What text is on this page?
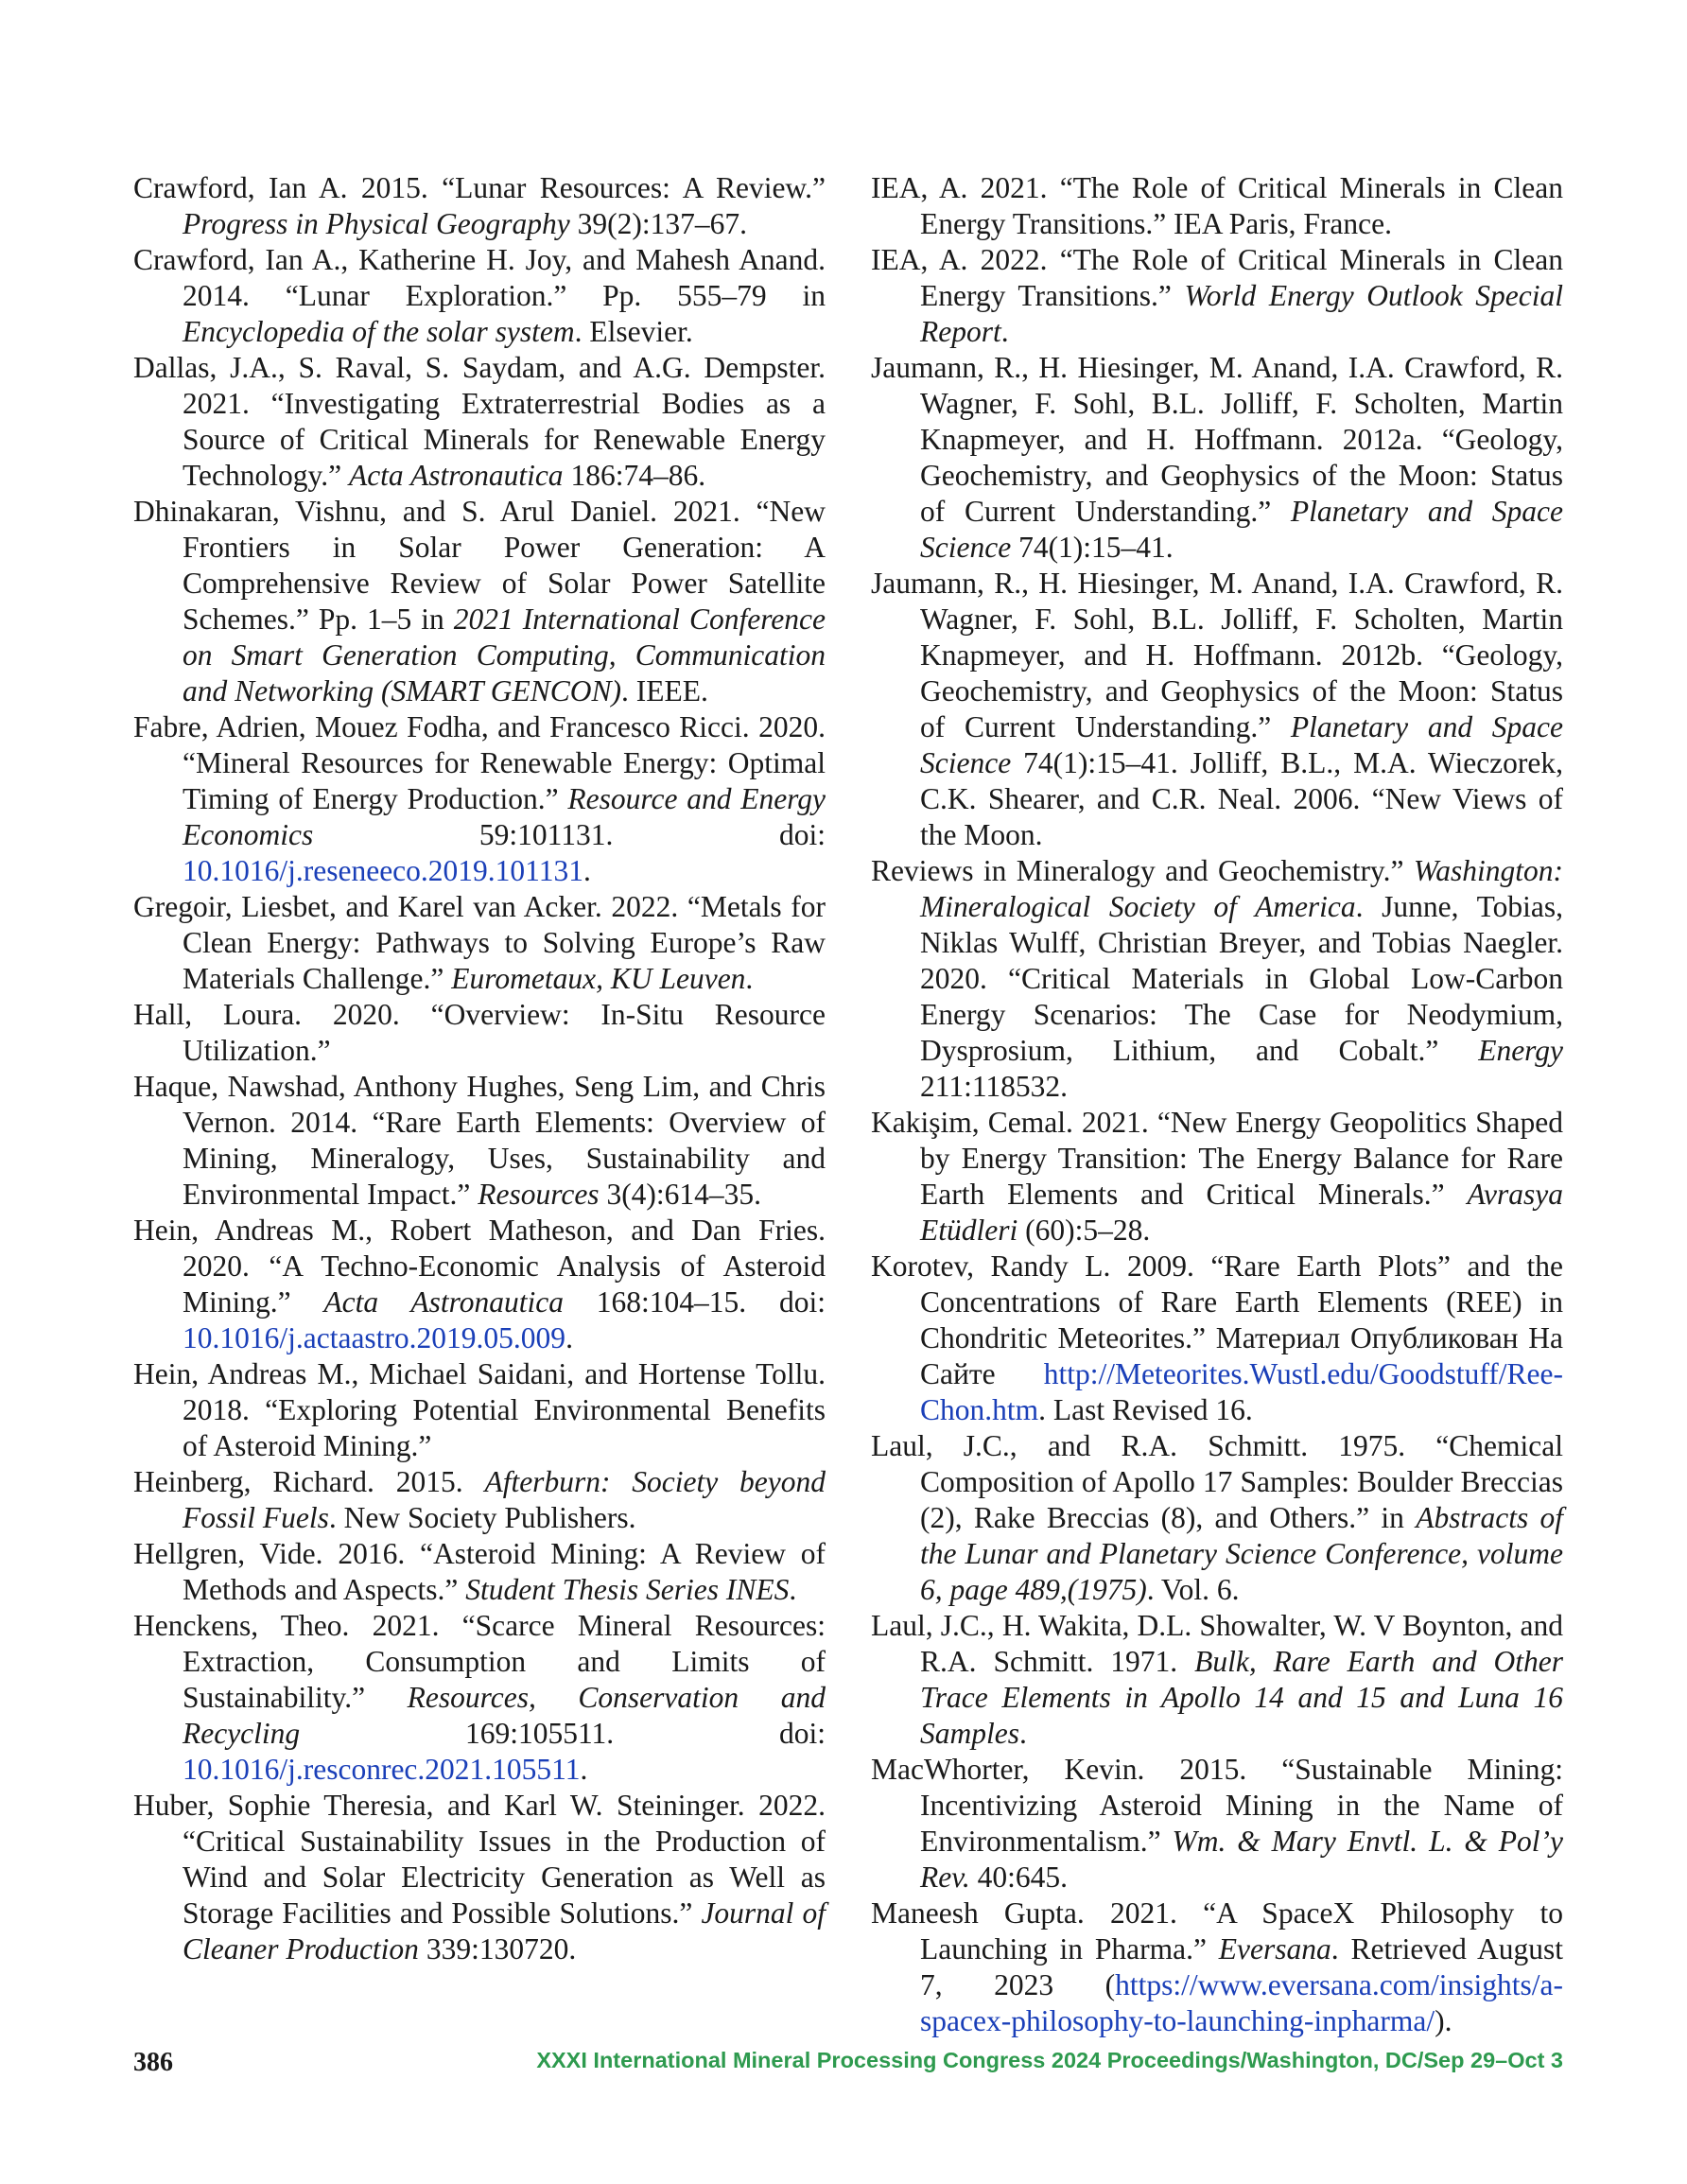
Crawford, Ian A. 2015. “Lunar Resources: A Review.” Progress in Physical Geography 39(2):137–67.

Crawford, Ian A., Katherine H. Joy, and Mahesh Anand. 2014. “Lunar Exploration.” Pp. 555–79 in Encyclopedia of the solar system. Elsevier.

Dallas, J.A., S. Raval, S. Saydam, and A.G. Dempster. 2021. “Investigating Extraterrestrial Bodies as a Source of Critical Minerals for Renewable Energy Technology.” Acta Astronautica 186:74–86.

Dhinakaran, Vishnu, and S. Arul Daniel. 2021. “New Frontiers in Solar Power Generation: A Comprehensive Review of Solar Power Satellite Schemes.” Pp. 1–5 in 2021 International Conference on Smart Generation Computing, Communication and Networking (SMART GENCON). IEEE.

Fabre, Adrien, Mouez Fodha, and Francesco Ricci. 2020. “Mineral Resources for Renewable Energy: Optimal Timing of Energy Production.” Resource and Energy Economics 59:101131. doi: 10.1016/j.reseneeco.2019.101131.

Gregoir, Liesbet, and Karel van Acker. 2022. “Metals for Clean Energy: Pathways to Solving Europe’s Raw Materials Challenge.” Eurometaux, KU Leuven.

Hall, Loura. 2020. “Overview: In-Situ Resource Utilization.”

Haque, Nawshad, Anthony Hughes, Seng Lim, and Chris Vernon. 2014. “Rare Earth Elements: Overview of Mining, Mineralogy, Uses, Sustainability and Environmental Impact.” Resources 3(4):614–35.

Hein, Andreas M., Robert Matheson, and Dan Fries. 2020. “A Techno-Economic Analysis of Asteroid Mining.” Acta Astronautica 168:104–15. doi: 10.1016/j.actaastro.2019.05.009.

Hein, Andreas M., Michael Saidani, and Hortense Tollu. 2018. “Exploring Potential Environmental Benefits of Asteroid Mining.”

Heinberg, Richard. 2015. Afterburn: Society beyond Fossil Fuels. New Society Publishers.

Hellgren, Vide. 2016. “Asteroid Mining: A Review of Methods and Aspects.” Student Thesis Series INES.

Henckens, Theo. 2021. “Scarce Mineral Resources: Extraction, Consumption and Limits of Sustainability.” Resources, Conservation and Recycling 169:105511. doi: 10.1016/j.resconrec.2021.105511.

Huber, Sophie Theresia, and Karl W. Steininger. 2022. “Critical Sustainability Issues in the Production of Wind and Solar Electricity Generation as Well as Storage Facilities and Possible Solutions.” Journal of Cleaner Production 339:130720.

IEA, A. 2021. “The Role of Critical Minerals in Clean Energy Transitions.” IEA Paris, France.

IEA, A. 2022. “The Role of Critical Minerals in Clean Energy Transitions.” World Energy Outlook Special Report.

Jaumann, R., H. Hiesinger, M. Anand, I.A. Crawford, R. Wagner, F. Sohl, B.L. Jolliff, F. Scholten, Martin Knapmeyer, and H. Hoffmann. 2012a. “Geology, Geochemistry, and Geophysics of the Moon: Status of Current Understanding.” Planetary and Space Science 74(1):15–41.

Jaumann, R., H. Hiesinger, M. Anand, I.A. Crawford, R. Wagner, F. Sohl, B.L. Jolliff, F. Scholten, Martin Knapmeyer, and H. Hoffmann. 2012b. “Geology, Geochemistry, and Geophysics of the Moon: Status of Current Understanding.” Planetary and Space Science 74(1):15–41. Jolliff, B.L., M.A. Wieczorek, C.K. Shearer, and C.R. Neal. 2006. “New Views of the Moon.

Reviews in Mineralogy and Geochemistry.” Washington: Mineralogical Society of America. Junne, Tobias, Niklas Wulff, Christian Breyer, and Tobias Naegler. 2020. “Critical Materials in Global Low-Carbon Energy Scenarios: The Case for Neodymium, Dysprosium, Lithium, and Cobalt.” Energy 211:118532.

Kakişim, Cemal. 2021. “New Energy Geopolitics Shaped by Energy Transition: The Energy Balance for Rare Earth Elements and Critical Minerals.” Avrasya Etüdleri (60):5–28.

Korotev, Randy L. 2009. “Rare Earth Plots” and the Concentrations of Rare Earth Elements (REE) in Chondritic Meteorites.” Материал Опубликован На Сайте http://Meteorites.Wustl.edu/Goodstuff/Ree-Chon.htm. Last Revised 16.

Laul, J.C., and R.A. Schmitt. 1975. “Chemical Composition of Apollo 17 Samples: Boulder Breccias (2), Rake Breccias (8), and Others.” in Abstracts of the Lunar and Planetary Science Conference, volume 6, page 489,(1975). Vol. 6.

Laul, J.C., H. Wakita, D.L. Showalter, W. V Boynton, and R.A. Schmitt. 1971. Bulk, Rare Earth and Other Trace Elements in Apollo 14 and 15 and Luna 16 Samples.

MacWhorter, Kevin. 2015. “Sustainable Mining: Incentivizing Asteroid Mining in the Name of Environmentalism.” Wm. & Mary Envtl. L. & Pol’y Rev. 40:645.

Maneesh Gupta. 2021. “A SpaceX Philosophy to Launching in Pharma.” Eversana. Retrieved August 7, 2023 (https://www.eversana.com/insights/a-spacex-philosophy-to-launching-inpharma/).

386	XXXI International Mineral Processing Congress 2024 Proceedings/Washington, DC/Sep 29–Oct 3
